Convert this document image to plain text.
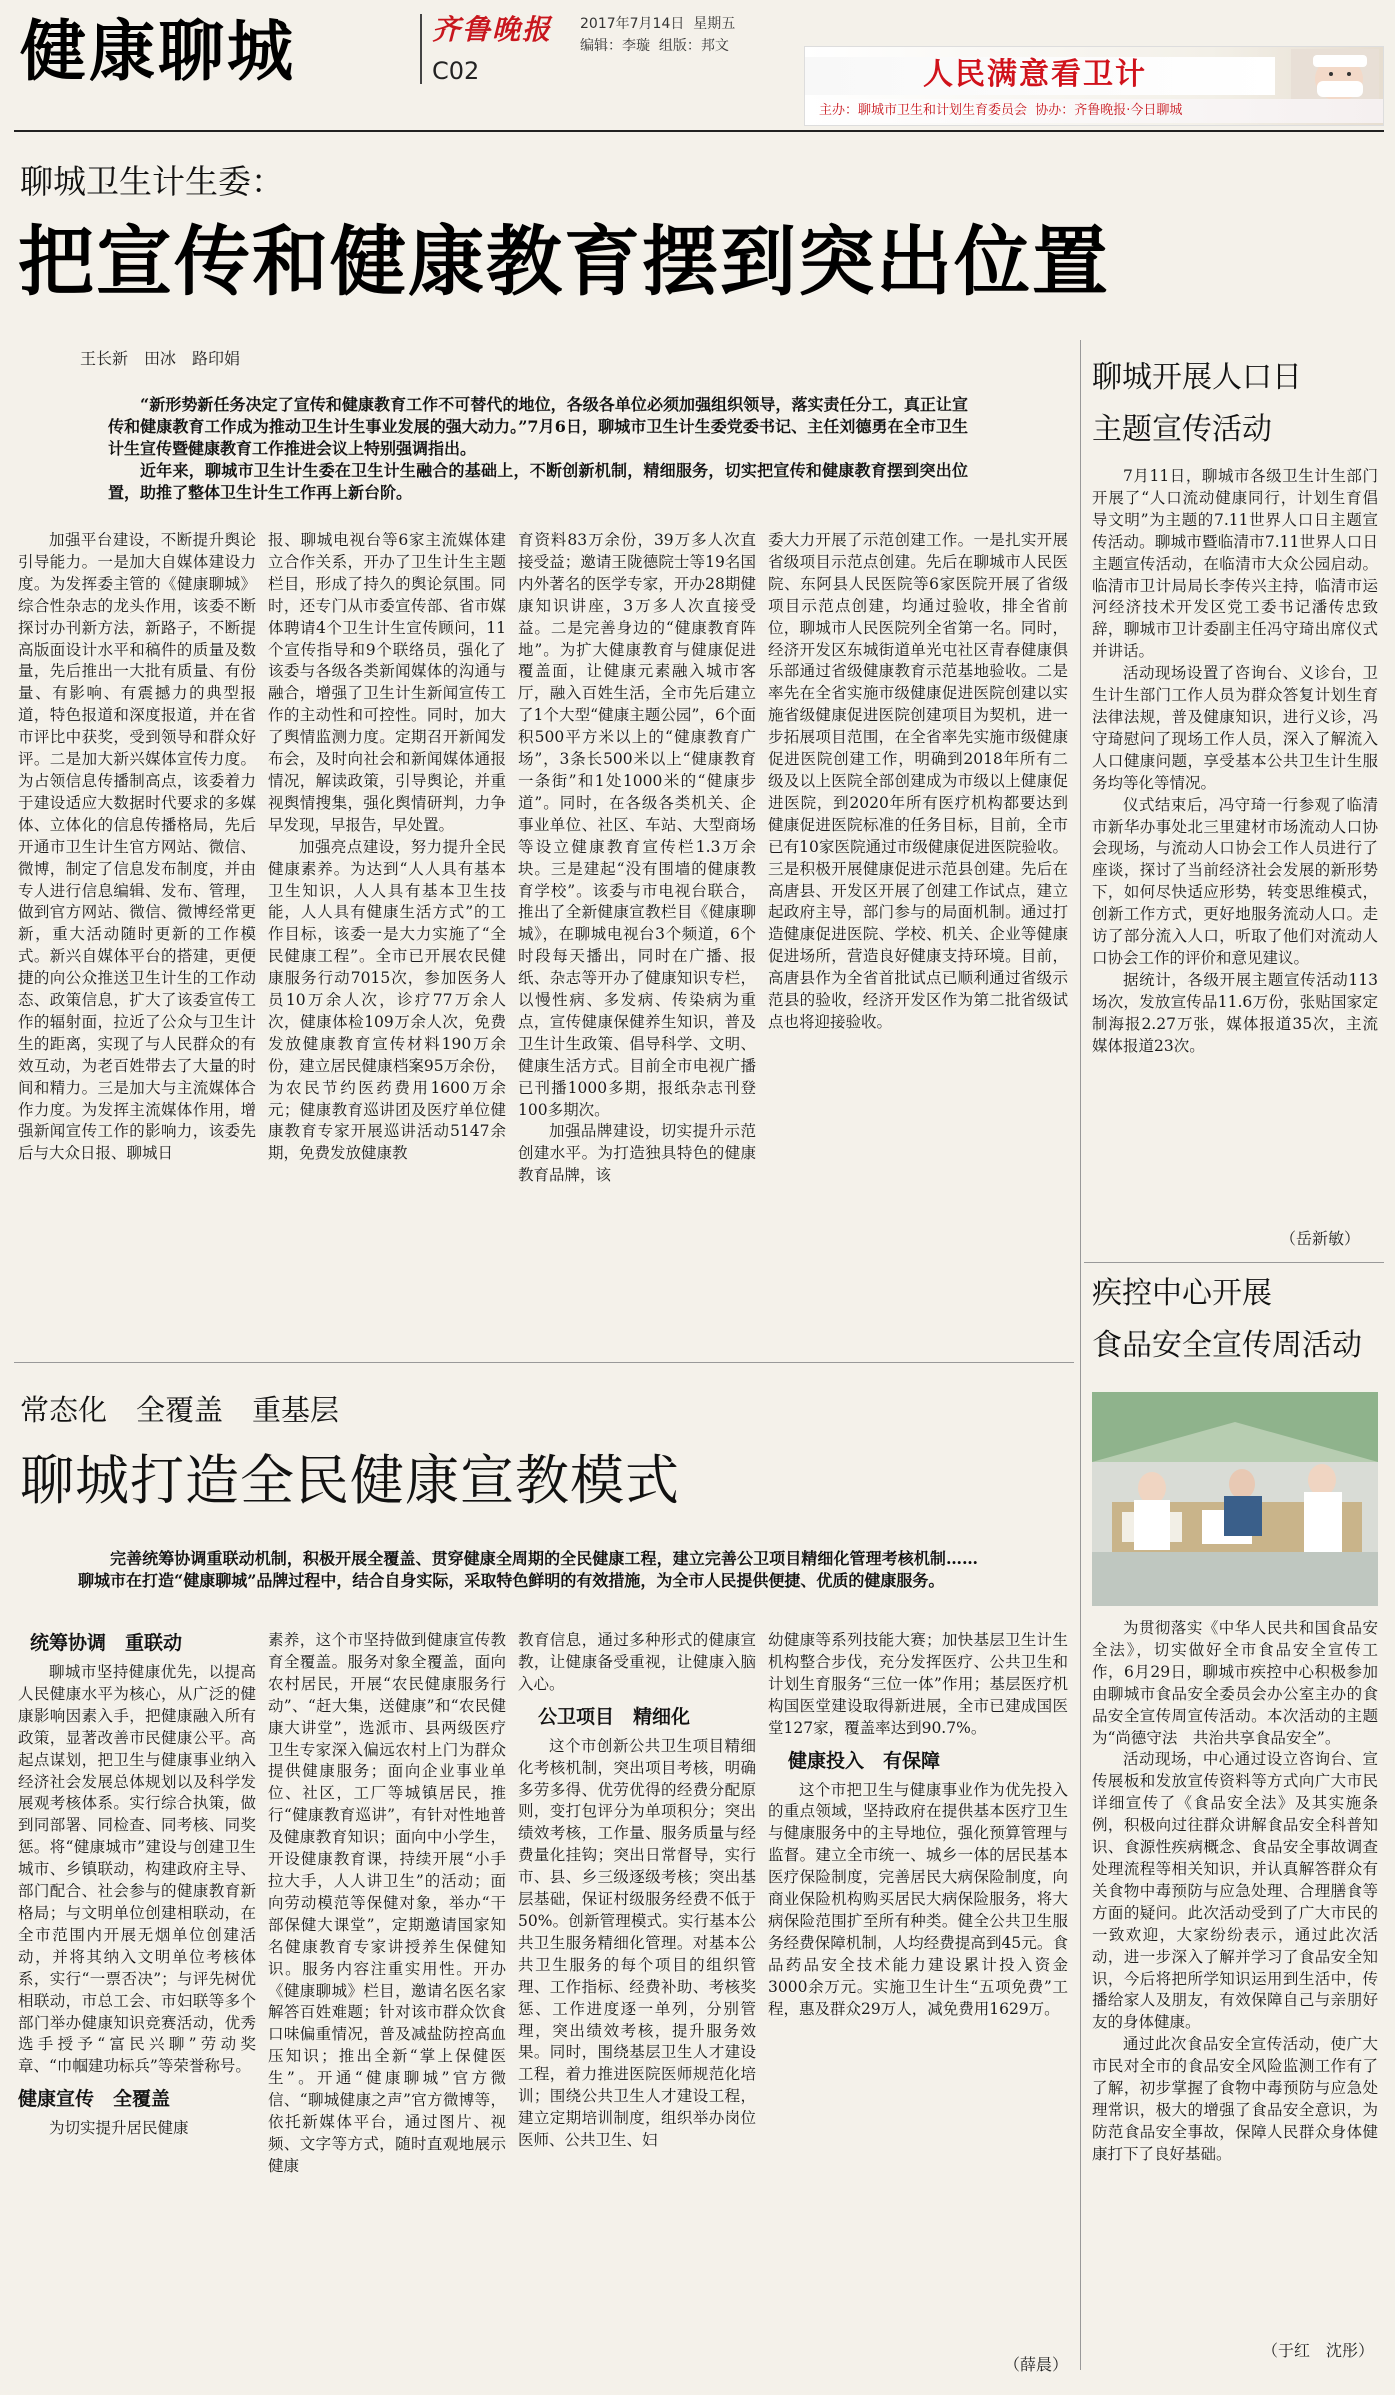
健康聊城	齐鲁晚报
C02
2017年7月14日 星期五
编辑：李璇 组版：邦文
人民满意看卫计
主办：聊城市卫生和计划生育委员会 协办：齐鲁晚报·今日聊城
聊城卫生计生委：
把宣传和健康教育摆到突出位置
王长新　田冰　路印娟

“新形势新任务决定了宣传和健康教育工作不可替代的地位，各级各单位必须加强组织领导，落实责任分工，真正让宣传和健康教育工作成为推动卫生计生事业发展的强大动力。”7月6日，聊城市卫生计生委党委书记、主任刘德勇在全市卫生计生宣传暨健康教育工作推进会议上特别强调指出。

近年来，聊城市卫生计生委在卫生计生融合的基础上，不断创新机制，精细服务，切实把宣传和健康教育摆到突出位置，助推了整体卫生计生工作再上新台阶。

加强平台建设，不断提升舆论引导能力。一是加大自媒体建设力度。为发挥委主管的《健康聊城》综合性杂志的龙头作用，该委不断探讨办刊新方法，新路子，不断提高版面设计水平和稿件的质量及数量，先后推出一大批有质量、有份量、有影响、有震撼力的典型报道，特色报道和深度报道，并在省市评比中获奖，受到领导和群众好评。二是加大新兴媒体宣传力度。为占领信息传播制高点，该委着力于建设适应大数据时代要求的多媒体、立体化的信息传播格局，先后开通市卫生计生官方网站、微信、微博，制定了信息发布制度，并由专人进行信息编辑、发布、管理，做到官方网站、微信、微博经常更新，重大活动随时更新的工作模式。新兴自媒体平台的搭建，更便捷的向公众推送卫生计生的工作动态、政策信息，扩大了该委宣传工作的辐射面，拉近了公众与卫生计生的距离，实现了与人民群众的有效互动，为老百姓带去了大量的时间和精力。三是加大与主流媒体合作力度。为发挥主流媒体作用，增强新闻宣传工作的影响力，该委先后与大众日报、聊城日

报、聊城电视台等6家主流媒体建立合作关系，开办了卫生计生主题栏目，形成了持久的舆论氛围。同时，还专门从市委宣传部、省市媒体聘请4个卫生计生宣传顾问，11个宣传指导和9个联络员，强化了该委与各级各类新闻媒体的沟通与融合，增强了卫生计生新闻宣传工作的主动性和可控性。同时，加大了舆情监测力度。定期召开新闻发布会，及时向社会和新闻媒体通报情况，解读政策，引导舆论，并重视舆情搜集，强化舆情研判，力争早发现，早报告，早处置。

加强亮点建设，努力提升全民健康素养。为达到“人人具有基本卫生知识，人人具有基本卫生技能，人人具有健康生活方式”的工作目标，该委一是大力实施了“全民健康工程”。全市已开展农民健康服务行动7015次，参加医务人员10万余人次，诊疗77万余人次，健康体检109万余人次，免费发放健康教育宣传材料190万余份，建立居民健康档案95万余份，为农民节约医药费用1600万余元；健康教育巡讲团及医疗单位健康教育专家开展巡讲活动5147余期，免费发放健康教

育资料83万余份，39万多人次直接受益；邀请王陇德院士等19名国内外著名的医学专家，开办28期健康知识讲座，3万多人次直接受益。二是完善身边的“健康教育阵地”。为扩大健康教育与健康促进覆盖面，让健康元素融入城市客厅，融入百姓生活，全市先后建立了1个大型“健康主题公园”，6个面积500平方米以上的“健康教育广场”，3条长500米以上“健康教育一条街”和1处1000米的“健康步道”。同时，在各级各类机关、企事业单位、社区、车站、大型商场等设立健康教育宣传栏1.3万余块。三是建起“没有围墙的健康教育学校”。该委与市电视台联合，推出了全新健康宣教栏目《健康聊城》，在聊城电视台3个频道，6个时段每天播出，同时在广播、报纸、杂志等开办了健康知识专栏，以慢性病、多发病、传染病为重点，宣传健康保健养生知识，普及卫生计生政策、倡导科学、文明、健康生活方式。目前全市电视广播已刊播1000多期，报纸杂志刊登100多期次。

加强品牌建设，切实提升示范创建水平。为打造独具特色的健康教育品牌，该

委大力开展了示范创建工作。一是扎实开展省级项目示范点创建。先后在聊城市人民医院、东阿县人民医院等6家医院开展了省级项目示范点创建，均通过验收，排全省前位，聊城市人民医院列全省第一名。同时，经济开发区东城街道单光屯社区青春健康俱乐部通过省级健康教育示范基地验收。二是率先在全省实施市级健康促进医院创建以实施省级健康促进医院创建项目为契机，进一步拓展项目范围，在全省率先实施市级健康促进医院创建工作，明确到2018年所有二级及以上医院全部创建成为市级以上健康促进医院，到2020年所有医疗机构都要达到健康促进医院标准的任务目标，目前，全市已有10家医院通过市级健康促进医院验收。三是积极开展健康促进示范县创建。先后在高唐县、开发区开展了创建工作试点，建立起政府主导，部门参与的局面机制。通过打造健康促进医院、学校、机关、企业等健康促进场所，营造良好健康支持环境。目前，高唐县作为全省首批试点已顺利通过省级示范县的验收，经济开发区作为第二批省级试点也将迎接验收。

聊城开展人口日
主题宣传活动

7月11日，聊城市各级卫生计生部门开展了“人口流动健康同行，计划生育倡导文明”为主题的7.11世界人口日主题宣传活动。聊城市暨临清市7.11世界人口日主题宣传活动，在临清市大众公园启动。临清市卫计局局长李传兴主持，临清市运河经济技术开发区党工委书记潘传忠致辞，聊城市卫计委副主任冯守琦出席仪式并讲话。

活动现场设置了咨询台、义诊台，卫生计生部门工作人员为群众答复计划生育法律法规，普及健康知识，进行义诊，冯守琦慰问了现场工作人员，深入了解流入人口健康问题，享受基本公共卫生计生服务均等化等情况。

仪式结束后，冯守琦一行参观了临清市新华办事处北三里建材市场流动人口协会现场，与流动人口协会工作人员进行了座谈，探讨了当前经济社会发展的新形势下，如何尽快适应形势，转变思维模式，创新工作方式，更好地服务流动人口。走访了部分流入人口，听取了他们对流动人口协会工作的评价和意见建议。

据统计，各级开展主题宣传活动113场次，发放宣传品11.6万份，张贴国家定制海报2.27万张，媒体报道35次，主流媒体报道23次。

（岳新敏）
疾控中心开展
食品安全宣传周活动

为贯彻落实《中华人民共和国食品安全法》，切实做好全市食品安全宣传工作，6月29日，聊城市疾控中心积极参加由聊城市食品安全委员会办公室主办的食品安全宣传周宣传活动。本次活动的主题为“尚德守法　共治共享食品安全”。

活动现场，中心通过设立咨询台、宣传展板和发放宣传资料等方式向广大市民详细宣传了《食品安全法》及其实施条例，积极向过往群众讲解食品安全科普知识、食源性疾病概念、食品安全事故调查处理流程等相关知识，并认真解答群众有关食物中毒预防与应急处理、合理膳食等方面的疑问。此次活动受到了广大市民的一致欢迎，大家纷纷表示，通过此次活动，进一步深入了解并学习了食品安全知识，今后将把所学知识运用到生活中，传播给家人及朋友，有效保障自己与亲朋好友的身体健康。

通过此次食品安全宣传活动，使广大市民对全市的食品安全风险监测工作有了了解，初步掌握了食物中毒预防与应急处理常识，极大的增强了食品安全意识，为防范食品安全事故，保障人民群众身体健康打下了良好基础。

（于红　沈彤）
常态化　全覆盖　重基层
聊城打造全民健康宣教模式

完善统筹协调重联动机制，积极开展全覆盖、贯穿健康全周期的全民健康工程，建立完善公卫项目精细化管理考核机制……聊城市在打造“健康聊城”品牌过程中，结合自身实际，采取特色鲜明的有效措施，为全市人民提供便捷、优质的健康服务。

统筹协调　重联动

聊城市坚持健康优先，以提高人民健康水平为核心，从广泛的健康影响因素入手，把健康融入所有政策，显著改善市民健康公平。高起点谋划，把卫生与健康事业纳入经济社会发展总体规划以及科学发展观考核体系。实行综合执策，做到同部署、同检查、同考核、同奖惩。将“健康城市”建设与创建卫生城市、乡镇联动，构建政府主导、部门配合、社会参与的健康教育新格局；与文明单位创建相联动，在全市范围内开展无烟单位创建活动，并将其纳入文明单位考核体系，实行“一票否决”；与评先树优相联动，市总工会、市妇联等多个部门举办健康知识竞赛活动，优秀选手授予“富民兴聊”劳动奖章、“巾帼建功标兵”等荣誉称号。

健康宣传　全覆盖

为切实提升居民健康

素养，这个市坚持做到健康宣传教育全覆盖。服务对象全覆盖，面向农村居民，开展“农民健康服务行动”、“赶大集，送健康”和“农民健康大讲堂”，选派市、县两级医疗卫生专家深入偏远农村上门为群众提供健康服务；面向企业事业单位、社区，工厂等城镇居民，推行“健康教育巡讲”，有针对性地普及健康教育知识；面向中小学生，开设健康教育课，持续开展“小手拉大手，人人讲卫生”的活动；面向劳动模范等保健对象，举办“干部保健大课堂”，定期邀请国家知名健康教育专家讲授养生保健知识。服务内容注重实用性。开办《健康聊城》栏目，邀请名医名家解答百姓难题；针对该市群众饮食口味偏重情况，普及减盐防控高血压知识；推出全新“掌上保健医生”。开通“健康聊城”官方微信、“聊城健康之声”官方微博等，依托新媒体平台，通过图片、视频、文字等方式，随时直观地展示健康

教育信息，通过多种形式的健康宣教，让健康备受重视，让健康入脑入心。

公卫项目　精细化

这个市创新公共卫生项目精细化考核机制，突出项目考核，明确多劳多得、优劳优得的经费分配原则，变打包评分为单项积分；突出绩效考核，工作量、服务质量与经费量化挂钩；突出日常督导，实行市、县、乡三级逐级考核；突出基层基础，保证村级服务经费不低于50%。创新管理模式。实行基本公共卫生服务精细化管理。对基本公共卫生服务的每个项目的组织管理、工作指标、经费补助、考核奖惩、工作进度逐一单列，分别管理，突出绩效考核，提升服务效果。同时，围绕基层卫生人才建设工程，着力推进医院医师规范化培训；围绕公共卫生人才建设工程，建立定期培训制度，组织举办岗位医师、公共卫生、妇

幼健康等系列技能大赛；加快基层卫生计生机构整合步伐，充分发挥医疗、公共卫生和计划生育服务“三位一体”作用；基层医疗机构国医堂建设取得新进展，全市已建成国医堂127家，覆盖率达到90.7%。

健康投入　有保障

这个市把卫生与健康事业作为优先投入的重点领域，坚持政府在提供基本医疗卫生与健康服务中的主导地位，强化预算管理与监督。建立全市统一、城乡一体的居民基本医疗保险制度，完善居民大病保险制度，向商业保险机构购买居民大病保险服务，将大病保险范围扩至所有种类。健全公共卫生服务经费保障机制，人均经费提高到45元。食品药品安全技术能力建设累计投入资金3000余万元。实施卫生计生“五项免费”工程，惠及群众29万人，减免费用1629万。

（薛晨）
